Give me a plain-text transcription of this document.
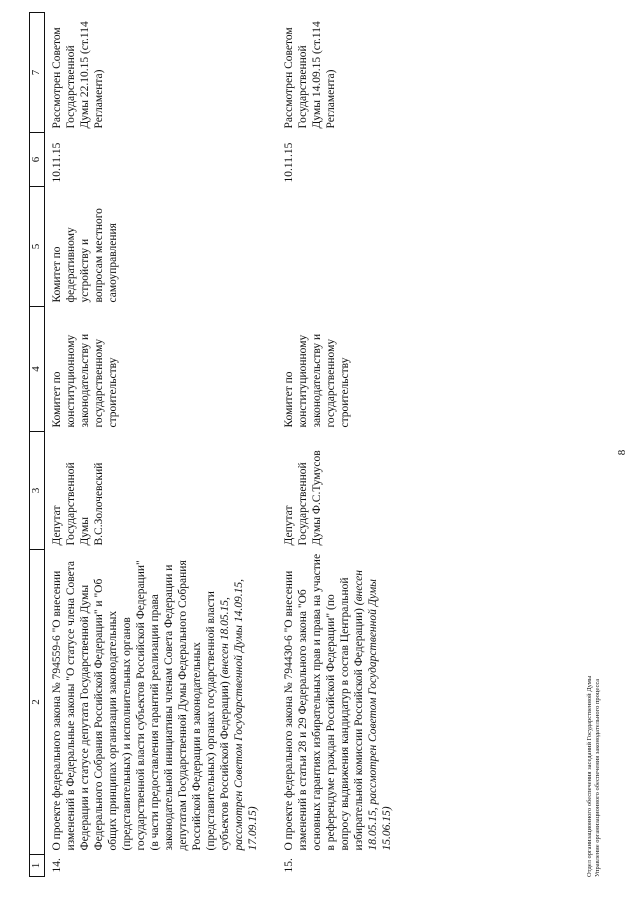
1	2	3	4	5	6	7
14.	О проекте федерального закона № 794559-6 "О внесении изменений в Федеральные законы "О статусе члена Совета Федерации и статусе депутата Государственной Думы Федерального Собрания Российской Федерации" и "Об общих принципах организации законодательных (представительных) и исполнительных органов государственной власти субъектов Российской Федерации" (в части предоставления гарантий реализации права законодательной инициативы членам Совета Федерации и депутатам Государственной Думы Федерального Собрания Российской Федерации в законодательных (представительных) органах государственной власти субъектов Российской Федерации) (внесен 18.05.15, рассмотрен Советом Государственной Думы 14.09.15, 17.09.15)	Депутат Государственной Думы В.С.Золочевский	Комитет по конституционному законодательству и государственному строительству	Комитет по федеративному устройству и вопросам местного самоуправления	10.11.15	Рассмотрен Советом Государственной Думы 22.10.15 (ст.114 Регламента)
15.	О проекте федерального закона № 794430-6 "О внесении изменений в статьи 28 и 29 Федерального закона "Об основных гарантиях избирательных прав и права на участие в референдуме граждан Российской Федерации" (по вопросу выдвижения кандидатур в состав Центральной избирательной комиссии Российской Федерации) (внесен 18.05.15, рассмотрен Советом Государственной Думы 15.06.15)	Депутат Государственной Думы Ф.С.Тумусов	Комитет по конституционному законодательству и государственному строительству		10.11.15	Рассмотрен Советом Государственной Думы 14.09.15 (ст.114 Регламента)
Отдел организационного обеспечения заседаний Государственной Думы Управление организационного обеспечения законодательного процесса
8
